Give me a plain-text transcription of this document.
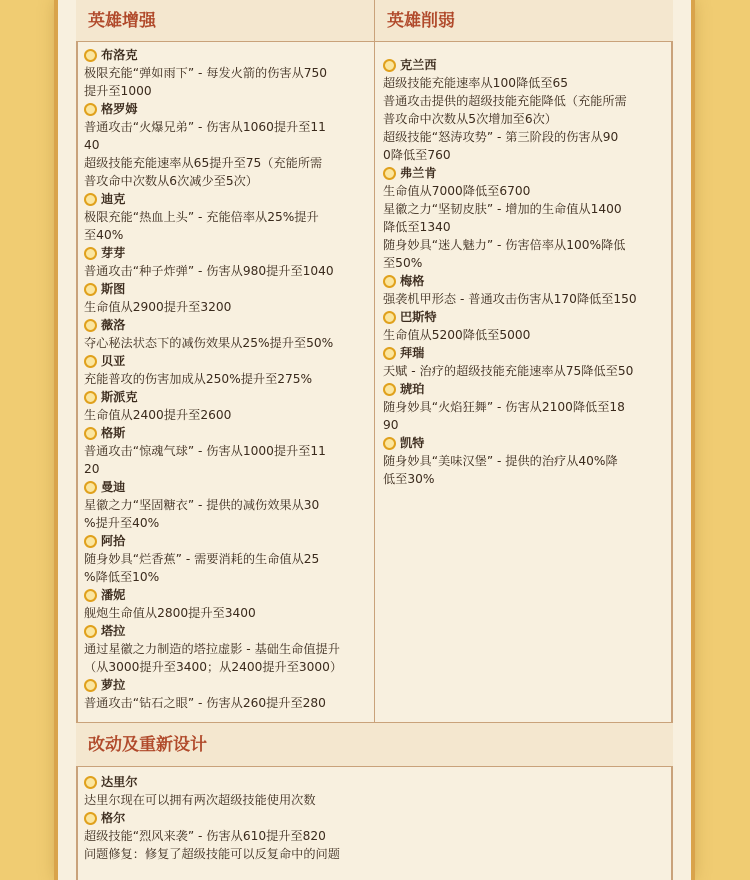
英雄增强	英雄削弱
布洛克
极限充能“弹如雨下” - 每发火箭的伤害从750
提升至1000
格罗姆
普通攻击“火爆兄弟” - 伤害从1060提升至11
40
超级技能充能速率从65提升至75（充能所需
普攻命中次数从6次减少至5次）
迪克
极限充能“热血上头” - 充能倍率从25%提升
至40%
芽芽
普通攻击“种子炸弹” - 伤害从980提升至1040
斯图
生命值从2900提升至3200
薇洛
夺心秘法状态下的减伤效果从25%提升至50%
贝亚
充能普攻的伤害加成从250%提升至275%
斯派克
生命值从2400提升至2600
格斯
普通攻击“惊魂气球” - 伤害从1000提升至11
20
曼迪
星徽之力“坚固糖衣” - 提供的减伤效果从30
%提升至40%
阿拾
随身妙具“烂香蕉” - 需要消耗的生命值从25
%降低至10%
潘妮
舰炮生命值从2800提升至3400
塔拉
通过星徽之力制造的塔拉虚影 - 基础生命值提升
（从3000提升至3400；从2400提升至3000）
萝拉
普通攻击“钻石之眼” - 伤害从260提升至280
克兰西
超级技能充能速率从100降低至65
普通攻击提供的超级技能充能降低（充能所需
普攻命中次数从5次增加至6次）
超级技能“怒涛攻势” - 第三阶段的伤害从90
0降低至760
弗兰肯
生命值从7000降低至6700
星徽之力“坚韧皮肤” - 增加的生命值从1400
降低至1340
随身妙具“迷人魅力” - 伤害倍率从100%降低
至50%
梅格
强袭机甲形态 - 普通攻击伤害从170降低至150
巴斯特
生命值从5200降低至5000
拜瑞
天赋 - 治疗的超级技能充能速率从75降低至50
琥珀
随身妙具“火焰狂舞” - 伤害从2100降低至18
90
凯特
随身妙具“美味汉堡” - 提供的治疗从40%降
低至30%
改动及重新设计
达里尔
达里尔现在可以拥有两次超级技能使用次数
格尔
超级技能“烈风来袭” - 伤害从610提升至820
问题修复：修复了超级技能可以反复命中的问题
